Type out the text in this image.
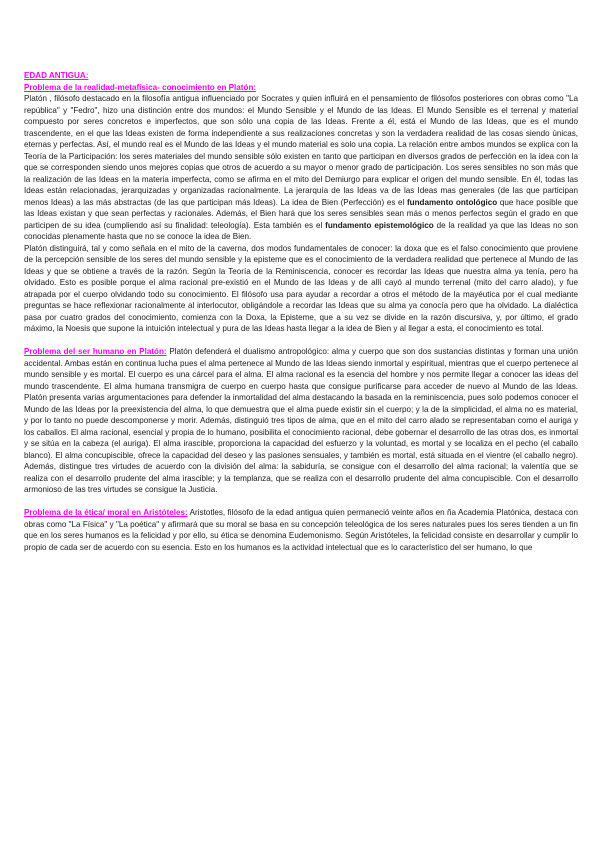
EDAD ANTIGUA:
Problema de la realidad-metafísica- conocimiento en Platón:

Platón , filósofo destacado en la filosofía antigua influenciado por Socrates y quien influirá en el pensamiento de filósofos posteriores con obras como "La república" y "Fedro", hizo una distinción entre dos mundos: el Mundo Sensible y el Mundo de las Ideas. El Mundo Sensible es el terrenal y material compuesto por seres concretos e imperfectos, que son sólo una copia de las Ideas. Frente a él, está el Mundo de las Ideas, que es el mundo trascendente, en el que las Ideas existen de forma independiente a sus realizaciones concretas y son la verdadera realidad de las cosas siendo únicas, eternas y perfectas. Así, el mundo real es el Mundo de las Ideas y el mundo material es solo una copia. La relación entre ambos mundos se explica con la Teoría de la Participación: los seres materiales del mundo sensible sólo existen en tanto que participan en diversos grados de perfección en la idea con la que se corresponden siendo unos mejores copias que otros de acuerdo a su mayor o menor grado de participación. Los seres sensibles no son más que la realización de las Ideas en la materia imperfecta, como se afirma en el mito del Demiurgo para explicar el origen del mundo sensible. En él, todas las Ideas están relacionadas, jerarquizadas y organizadas racionalmente. La jerarquía de las Ideas va de las Ideas mas generales (de las que participan menos Ideas) a las más abstractas (de las que participan más Ideas). La idea de Bien (Perfección) es el fundamento ontológico que hace posible que las Ideas existan y que sean perfectas y racionales. Además, el Bien hará que los seres sensibles sean más o menos perfectos según el grado en que participen de su idea (cumpliendo así su finalidad: teleología). Esta también es el fundamento epistemológico de la realidad ya que las Ideas no son conocidas plenamente hasta que no se conoce la idea de Bien.

Platón distinguirá, tal y como señala en el mito de la caverna, dos modos fundamentales de conocer: la doxa que es el falso conocimiento que proviene de la percepción sensible de los seres del mundo sensible y la episteme que es el conocimiento de la verdadera realidad que pertenece al Mundo de las Ideas y que se obtiene a través de la razón. Según la Teoría de la Reminiscencia, conocer es recordar las Ideas que nuestra alma ya tenía, pero ha olvidado. Esto es posible porque el alma racional pre-existió en el Mundo de las Ideas y de allí cayó al mundo terrenal (mito del carro alado), y fue atrapada por el cuerpo olvidando todo su conocimiento. El filósofo usa para ayudar a recordar a otros el método de la mayéutica por el cual mediante preguntas se hace reflexionar racionalmente al interlocutor, obligándole a recordar las Ideas que su alma ya conocía pero que ha olvidado. La dialéctica pasa por cuatro grados del conocimiento, comienza con la Doxa, la Episteme, que a su vez se divide en la razón discursiva, y, por último, el grado máximo, la Noesis que supone la intuición intelectual y pura de las Ideas hasta llegar a la idea de Bien y al llegar a esta, el conocimiento es total.

Problema del ser humano en Platón: Platón defenderá el dualismo antropológico: alma y cuerpo que son dos sustancias distintas y forman una unión accidental. Ambas están en continua lucha pues el alma pertenece al Mundo de las Ideas siendo inmortal y espiritual, mientras que el cuerpo pertenece al mundo sensible y es mortal. El cuerpo es una cárcel para el alma. El alma racional es la esencia del hombre y nos permite llegar a conocer las ideas del mundo trascendente. El alma humana transmigra de cuerpo en cuerpo hasta que consigue purificarse para acceder de nuevo al Mundo de las Ideas. Platón presenta varias argumentaciones para defender la inmortalidad del alma destacando la basada en la reminiscencia, pues solo podemos conocer el Mundo de las Ideas por la preexistencia del alma, lo que demuestra que el alma puede existir sin el cuerpo; y la de la simplicidad, el alma no es material, y por lo tanto no puede descomponerse y morir. Además, distinguió tres tipos de alma, que en el mito del carro alado se representaban como el auriga y los caballos. El alma racional, esencial y propia de lo humano, posibilita el conocimiento racional, debe gobernar el desarrollo de las otras dos, es inmortal y se sitúa en la cabeza (el auriga). El alma irascible, proporciona la capacidad del esfuerzo y la voluntad, es mortal y se localiza en el pecho (el caballo blanco). El alma concupiscible, ofrece la capacidad del deseo y las pasiones sensuales, y también es mortal, está situada en el vientre (el caballo negro). Además, distingue tres virtudes de acuerdo con la división del alma: la sabiduría, se consigue con el desarrollo del alma racional; la valentía que se realiza con el desarrollo prudente del alma irascible; y la templanza, que se realiza con el desarrollo prudente del alma concupiscible. Con el desarrollo armonioso de las tres virtudes se consigue la Justicia.

Problema de la ética/ moral en Aristóteles: Aristotles, filósofo de la edad antigua quien permaneció veinte años en ña Academia Platónica, destaca con obras como "La Física" y "La poética" y afirmará que su moral se basa en su concepción teleológica de los seres naturales pues los seres tienden a un fin que en los seres humanos es la felicidad y por ello, su ética se denomina Eudemonismo. Según Aristóteles, la felicidad consiste en desarrollar y cumplir lo propio de cada ser de acuerdo con su esencia. Esto en los humanos es la actividad intelectual que es lo característico del ser humano, lo que
